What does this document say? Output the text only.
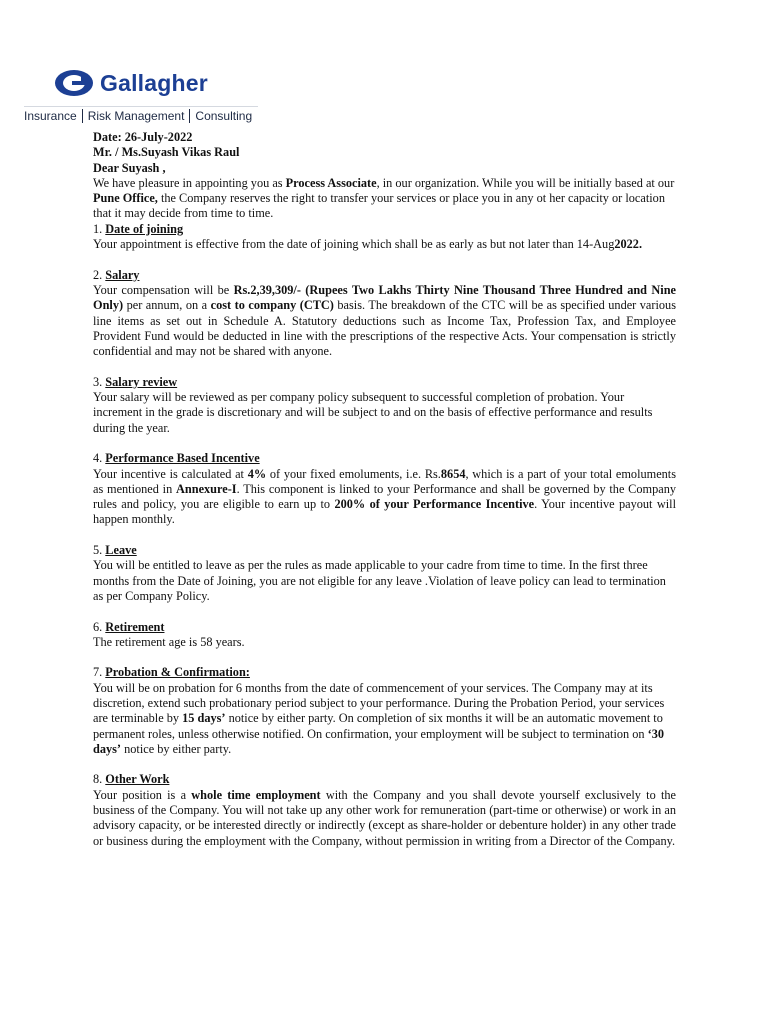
Gallagher
Insurance Risk Management Consulting

Date: 26-July-2022

Mr. / Ms.Suyash Vikas Raul

Dear Suyash ,

We have pleasure in appointing you as Process Associate, in our organization. While you will be initially based at our Pune Office, the Company reserves the right to transfer your services or place you in any ot her capacity or location that it may decide from time to time.

1. Date of joining

Your appointment is effective from the date of joining which shall be as early as but not later than 14-Aug2022.

2. Salary

Your compensation will be Rs.2,39,309/- (Rupees Two Lakhs Thirty Nine Thousand Three Hundred and Nine Only) per annum, on a cost to company (CTC) basis. The breakdown of the CTC will be as specified under various line items as set out in Schedule A. Statutory deductions such as Income Tax, Profession Tax, and Employee Provident Fund would be deducted in line with the prescriptions of the respective Acts. Your compensation is strictly confidential and may not be shared with anyone.

3. Salary review

Your salary will be reviewed as per company policy subsequent to successful completion of probation. Your increment in the grade is discretionary and will be subject to and on the basis of effective performance and results during the year.

4. Performance Based Incentive

Your incentive is calculated at 4% of your fixed emoluments, i.e. Rs.8654, which is a part of your total emoluments as mentioned in Annexure-I. This component is linked to your Performance and shall be governed by the Company rules and policy, you are eligible to earn up to 200% of your Performance Incentive. Your incentive payout will happen monthly.

5. Leave

You will be entitled to leave as per the rules as made applicable to your cadre from time to time. In the first three months from the Date of Joining, you are not eligible for any leave .Violation of leave policy can lead to termination as per Company Policy.

6. Retirement

The retirement age is 58 years.

7. Probation & Confirmation:

You will be on probation for 6 months from the date of commencement of your services. The Company may at its discretion, extend such probationary period subject to your performance. During the Probation Period, your services are terminable by 15 days’ notice by either party. On completion of six months it will be an automatic movement to permanent roles, unless otherwise notified. On confirmation, your employment will be subject to termination on ‘30 days’ notice by either party.

8. Other Work

Your position is a whole time employment with the Company and you shall devote yourself exclusively to the business of the Company. You will not take up any other work for remuneration (part-time or otherwise) or work in an advisory capacity, or be interested directly or indirectly (except as share-holder or debenture holder) in any other trade or business during the employment with the Company, without permission in writing from a Director of the Company.
